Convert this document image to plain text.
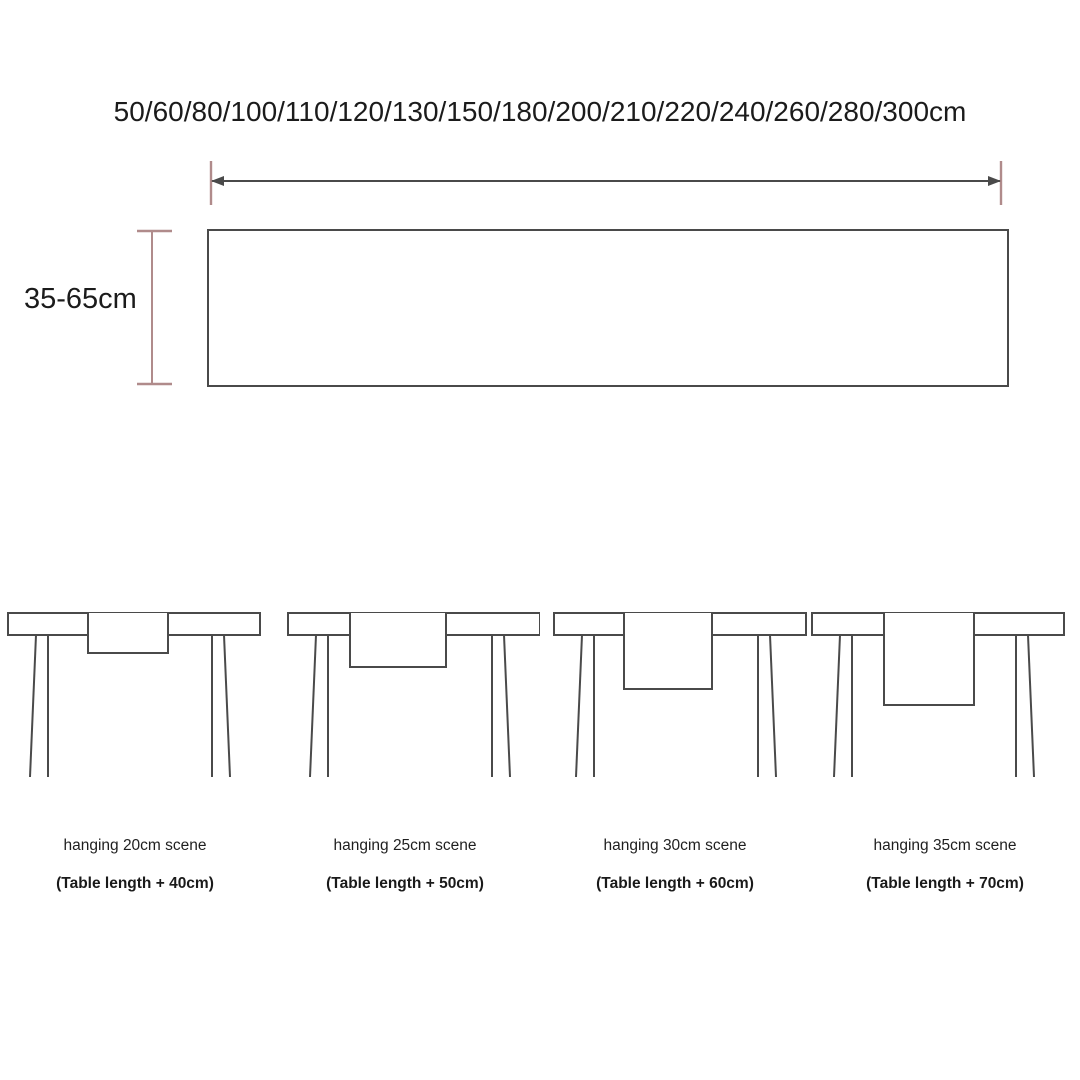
50/60/80/100/110/120/130/150/180/200/210/220/240/260/280/300cm
35-65cm
hanging 20cm scene
(Table length + 40cm)
hanging 25cm scene
(Table length + 50cm)
hanging 30cm scene
(Table length + 60cm)
hanging 35cm scene
(Table length + 70cm)
